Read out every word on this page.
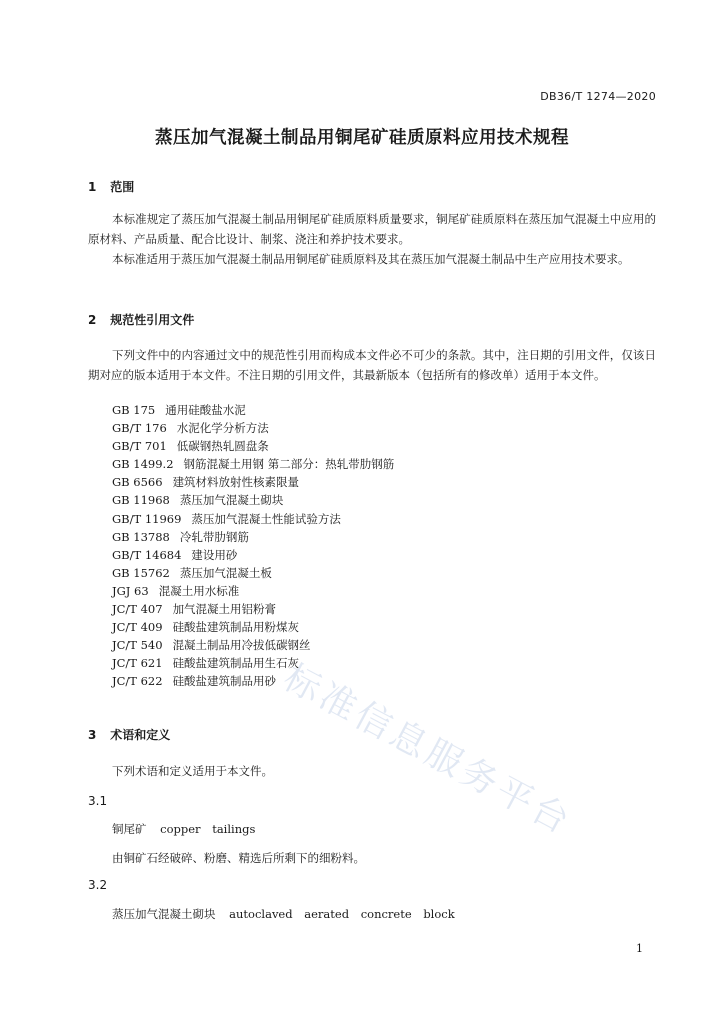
DB36/T 1274—2020
蒸压加气混凝土制品用铜尾矿硅质原料应用技术规程
1 范围

本标准规定了蒸压加气混凝土制品用铜尾矿硅质原料质量要求，铜尾矿硅质原料在蒸压加气混凝土中应用的原材料、产品质量、配合比设计、制浆、浇注和养护技术要求。

本标准适用于蒸压加气混凝土制品用铜尾矿硅质原料及其在蒸压加气混凝土制品中生产应用技术要求。

2 规范性引用文件

下列文件中的内容通过文中的规范性引用而构成本文件必不可少的条款。其中，注日期的引用文件，仅该日期对应的版本适用于本文件。不注日期的引用文件，其最新版本（包括所有的修改单）适用于本文件。

GB 175 通用硅酸盐水泥
GB/T 176 水泥化学分析方法
GB/T 701 低碳钢热轧圆盘条
GB 1499.2 钢筋混凝土用钢 第二部分：热轧带肋钢筋
GB 6566 建筑材料放射性核素限量
GB 11968 蒸压加气混凝土砌块
GB/T 11969 蒸压加气混凝土性能试验方法
GB 13788 冷轧带肋钢筋
GB/T 14684 建设用砂
GB 15762 蒸压加气混凝土板
JGJ 63 混凝土用水标准
JC/T 407 加气混凝土用铝粉膏
JC/T 409 硅酸盐建筑制品用粉煤灰
JC/T 540 混凝土制品用冷拔低碳钢丝
JC/T 621 硅酸盐建筑制品用生石灰
JC/T 622 硅酸盐建筑制品用砂
3 术语和定义

下列术语和定义适用于本文件。

3.1
铜尾矿 copper tailings
由铜矿石经破碎、粉磨、精选后所剩下的细粉料。
3.2
蒸压加气混凝土砌块 autoclaved aerated concrete block
标准信息服务平台
1
